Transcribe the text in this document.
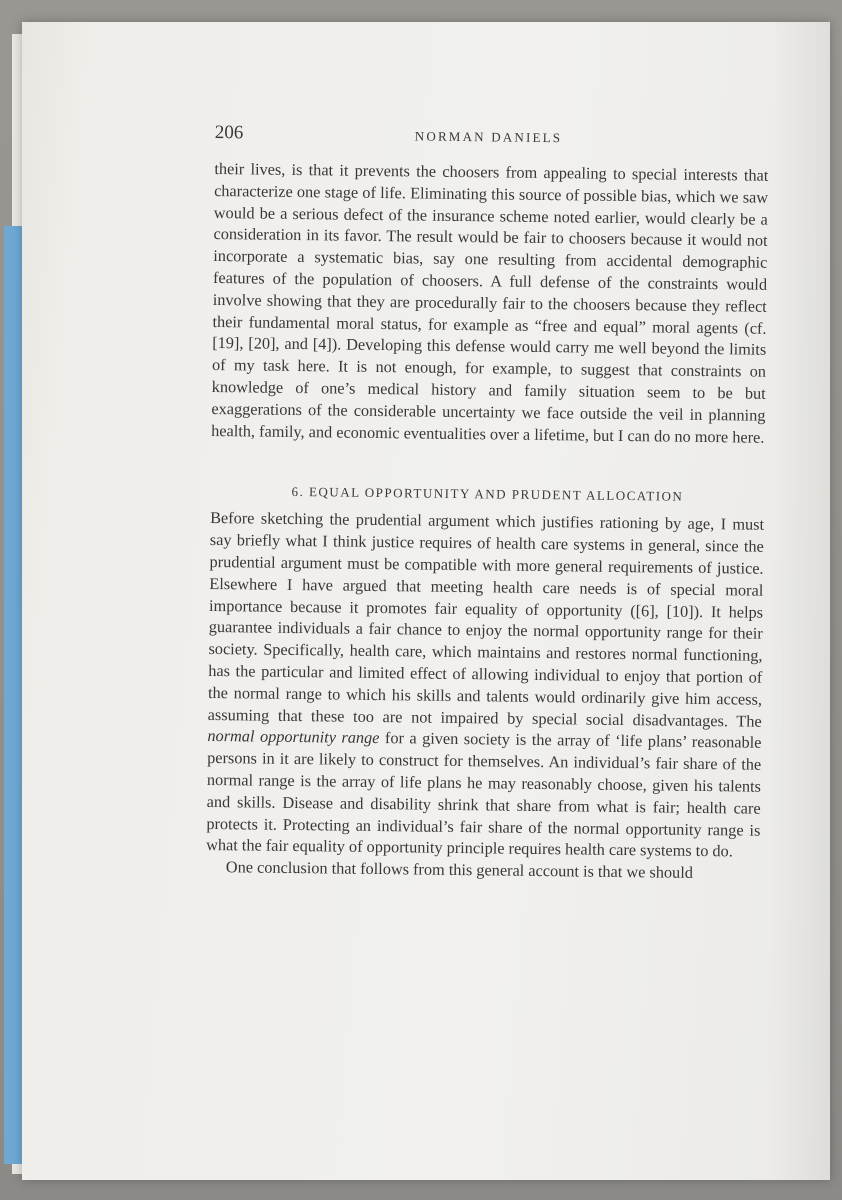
206	NORMAN DANIELS

their lives, is that it prevents the choosers from appealing to special interests that characterize one stage of life. Eliminating this source of possible bias, which we saw would be a serious defect of the insurance scheme noted earlier, would clearly be a consideration in its favor. The result would be fair to choosers because it would not incorporate a systematic bias, say one resulting from accidental demographic features of the population of choosers. A full defense of the constraints would involve showing that they are procedurally fair to the choosers because they reflect their fundamental moral status, for example as “free and equal” moral agents (cf. [19], [20], and [4]). Developing this defense would carry me well beyond the limits of my task here. It is not enough, for example, to suggest that constraints on knowledge of one’s medical history and family situation seem to be but exaggerations of the considerable uncertainty we face outside the veil in planning health, family, and economic eventualities over a lifetime, but I can do no more here.

6. EQUAL OPPORTUNITY AND PRUDENT ALLOCATION

Before sketching the prudential argument which justifies rationing by age, I must say briefly what I think justice requires of health care systems in general, since the prudential argument must be compatible with more general requirements of justice. Elsewhere I have argued that meeting health care needs is of special moral importance because it promotes fair equality of opportunity ([6], [10]). It helps guarantee individuals a fair chance to enjoy the normal opportunity range for their society. Specifically, health care, which maintains and restores normal functioning, has the particular and limited effect of allowing individual to enjoy that portion of the normal range to which his skills and talents would ordinarily give him access, assuming that these too are not impaired by special social disadvantages. The normal opportunity range for a given society is the array of ‘life plans’ reasonable persons in it are likely to construct for themselves. An individual’s fair share of the normal range is the array of life plans he may reasonably choose, given his talents and skills. Disease and disability shrink that share from what is fair; health care protects it. Protecting an individual’s fair share of the normal opportunity range is what the fair equality of opportunity principle requires health care systems to do.

One conclusion that follows from this general account is that we should
